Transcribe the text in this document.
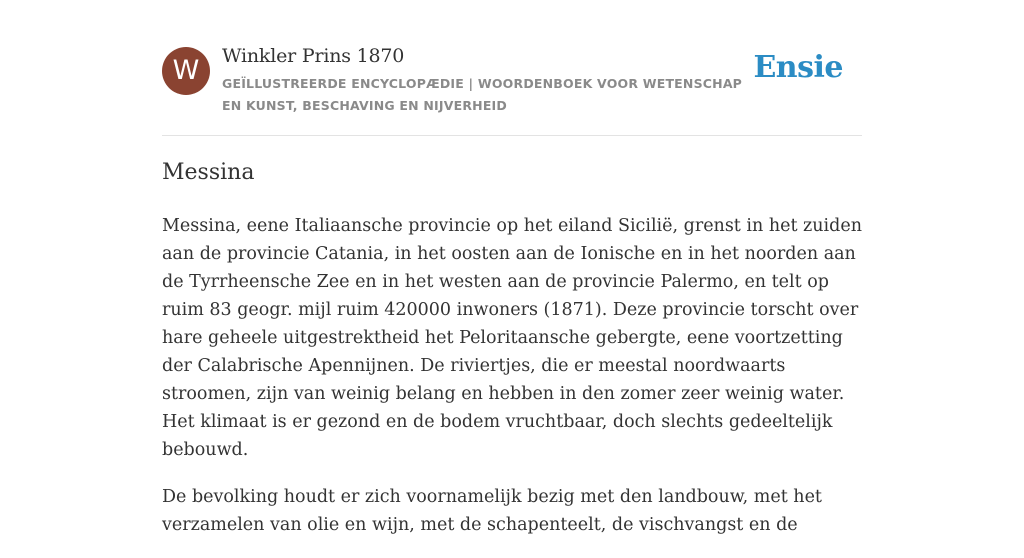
W	Winkler Prins 1870
GEÏLLUSTREERDE ENCYCLOPÆDIE | WOORDENBOEK VOOR WETENSCHAP EN KUNST, BESCHAVING EN NIJVERHEID
Ensie
Messina

Messina, eene Italiaansche provincie op het eiland Sicilië, grenst in het zuiden aan de provincie Catania, in het oosten aan de Ionische en in het noorden aan de Tyrrheensche Zee en in het westen aan de provincie Palermo, en telt op ruim 83 geogr. mijl ruim 420000 inwoners (1871). Deze provincie torscht over hare geheele uitgestrektheid het Peloritaansche gebergte, eene voortzetting der Calabrische Apennijnen. De riviertjes, die er meestal noordwaarts stroomen, zijn van weinig belang en hebben in den zomer zeer weinig water. Het klimaat is er gezond en de bodem vruchtbaar, doch slechts gedeeltelijk bebouwd.

De bevolking houdt er zich voornamelijk bezig met den landbouw, met het verzamelen van olie en wijn, met de schapenteelt, de vischvangst en de
